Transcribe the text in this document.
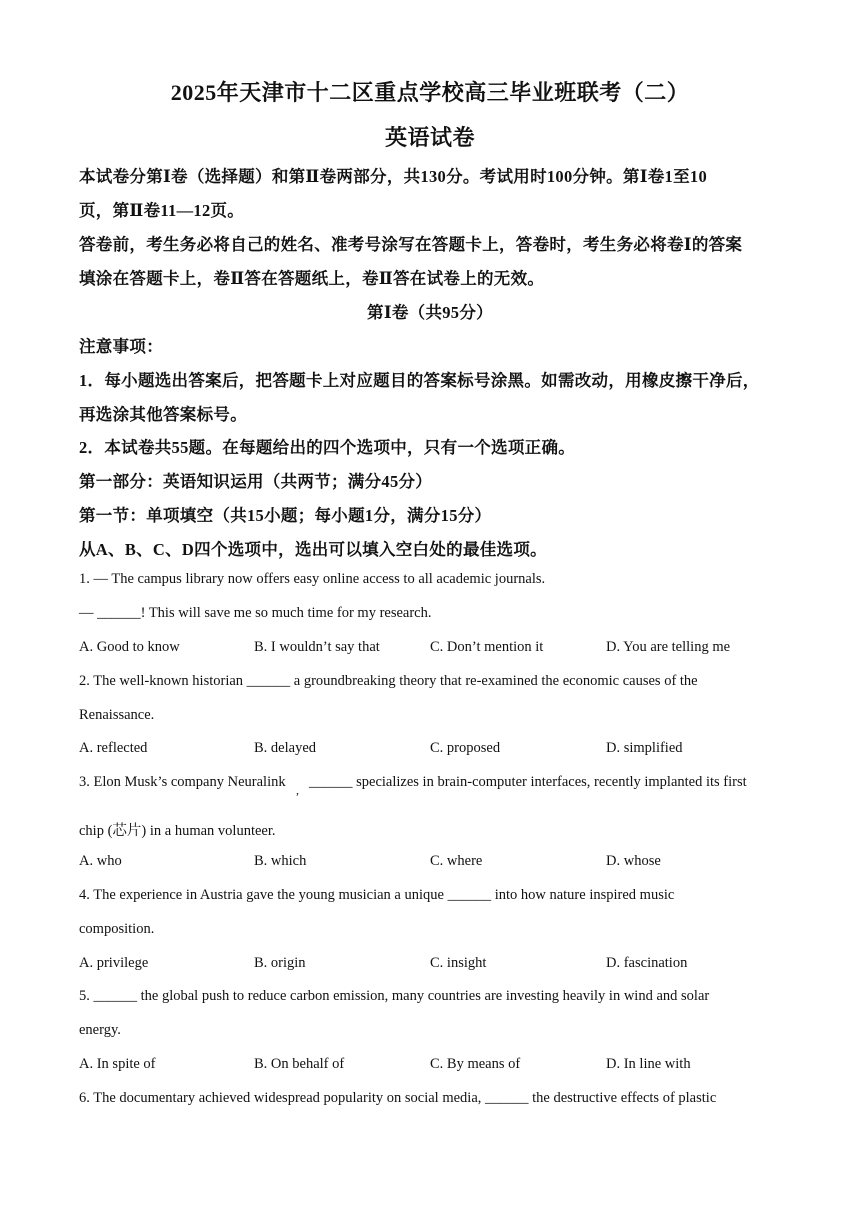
2025年天津市十二区重点学校高三毕业班联考（二）
英语试卷
本试卷分第Ⅰ卷（选择题）和第Ⅱ卷两部分，共130分。考试用时100分钟。第Ⅰ卷1至10
页，第Ⅱ卷11—12页。
答卷前，考生务必将自己的姓名、准考号涂写在答题卡上，答卷时，考生务必将卷Ⅰ的答案
填涂在答题卡上，卷Ⅱ答在答题纸上，卷Ⅱ答在试卷上的无效。
第Ⅰ卷（共95分）
注意事项：
1．每小题选出答案后，把答题卡上对应题目的答案标号涂黑。如需改动，用橡皮擦干净后，
再选涂其他答案标号。
2．本试卷共55题。在每题给出的四个选项中，只有一个选项正确。
第一部分：英语知识运用（共两节；满分45分）
第一节：单项填空（共15小题；每小题1分，满分15分）
从A、B、C、D四个选项中，选出可以填入空白处的最佳选项。
1. — The campus library now offers easy online access to all academic journals.
— ______! This will save me so much time for my research.
A. Good to know	B. I wouldn’t say that	C. Don’t mention it	D. You are telling me
2. The well-known historian ______ a groundbreaking theory that re-examined the economic causes of the
Renaissance.
A. reflected	B. delayed	C. proposed	D. simplified
3. Elon Musk’s company Neuralink , ______ specializes in brain-computer interfaces, recently implanted its first
chip (芯片) in a human volunteer.
A. who	B. which	C. where	D. whose
4. The experience in Austria gave the young musician a unique ______ into how nature inspired music
composition.
A. privilege	B. origin	C. insight	D. fascination
5. ______ the global push to reduce carbon emission, many countries are investing heavily in wind and solar
energy.
A. In spite of	B. On behalf of	C. By means of	D. In line with
6. The documentary achieved widespread popularity on social media, ______ the destructive effects of plastic
